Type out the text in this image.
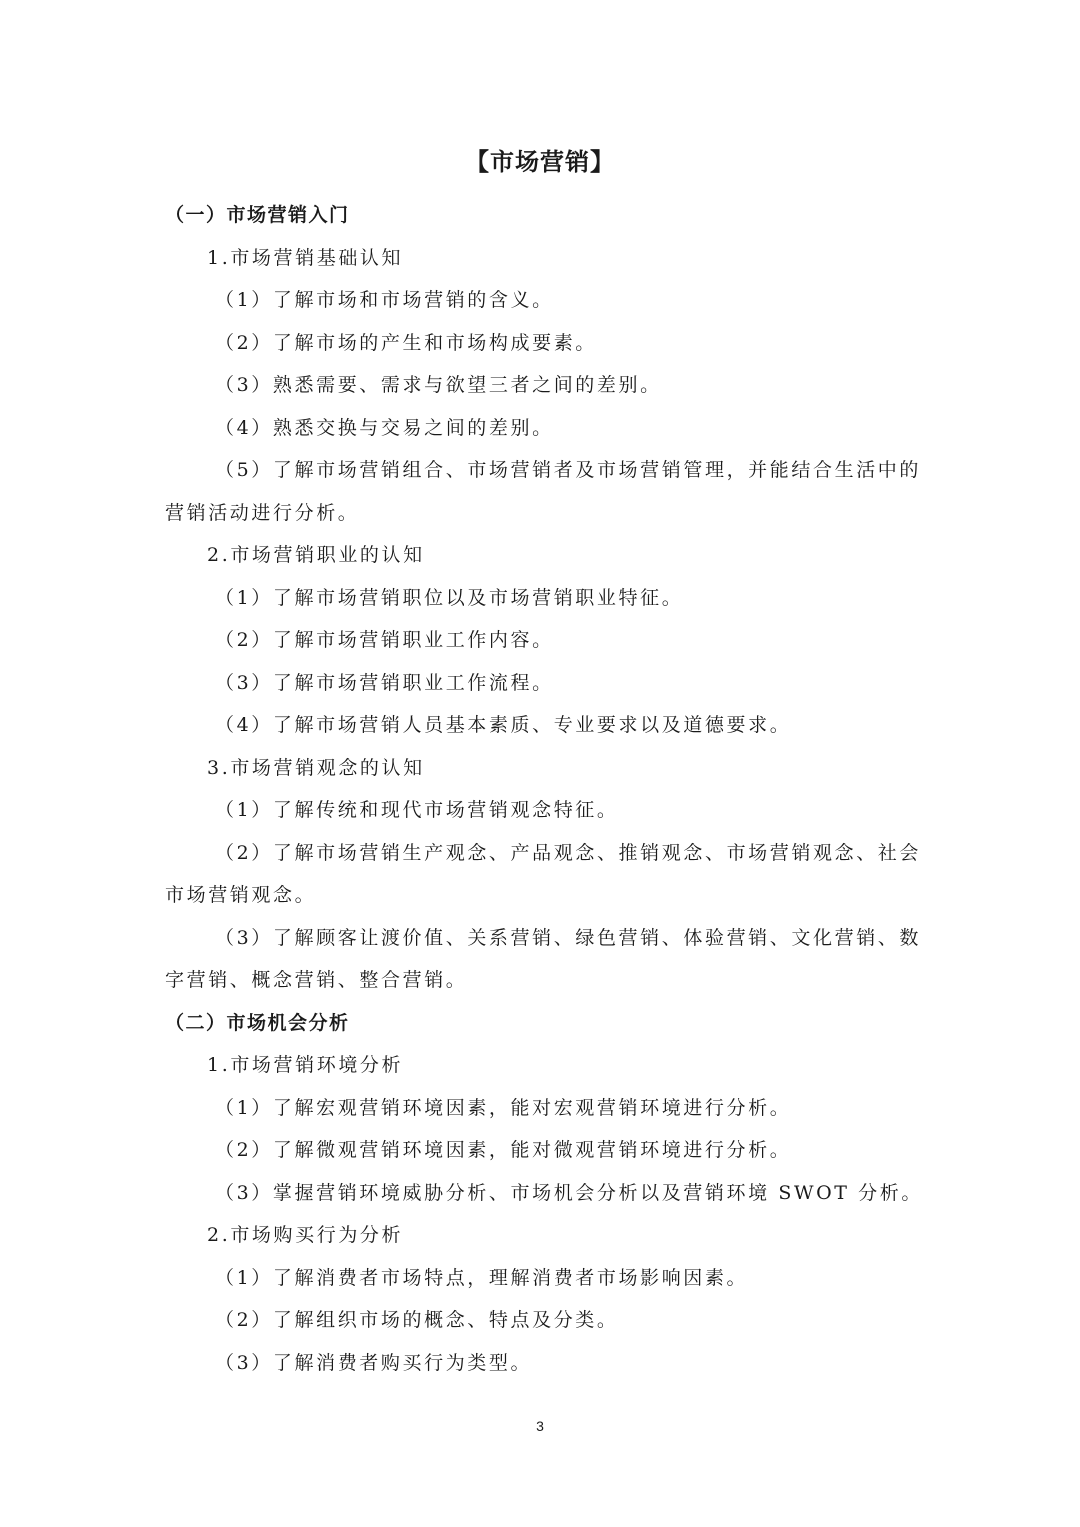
【市场营销】
（一）市场营销入门
1.市场营销基础认知
（1）了解市场和市场营销的含义。
（2）了解市场的产生和市场构成要素。
（3）熟悉需要、需求与欲望三者之间的差别。
（4）熟悉交换与交易之间的差别。
（5）了解市场营销组合、市场营销者及市场营销管理，并能结合生活中的营销活动进行分析。
2.市场营销职业的认知
（1）了解市场营销职位以及市场营销职业特征。
（2）了解市场营销职业工作内容。
（3）了解市场营销职业工作流程。
（4）了解市场营销人员基本素质、专业要求以及道德要求。
3.市场营销观念的认知
（1）了解传统和现代市场营销观念特征。
（2）了解市场营销生产观念、产品观念、推销观念、市场营销观念、社会市场营销观念。
（3）了解顾客让渡价值、关系营销、绿色营销、体验营销、文化营销、数字营销、概念营销、整合营销。
（二）市场机会分析
1.市场营销环境分析
（1）了解宏观营销环境因素，能对宏观营销环境进行分析。
（2）了解微观营销环境因素，能对微观营销环境进行分析。
（3）掌握营销环境威胁分析、市场机会分析以及营销环境 SWOT 分析。
2.市场购买行为分析
（1）了解消费者市场特点，理解消费者市场影响因素。
（2）了解组织市场的概念、特点及分类。
（3）了解消费者购买行为类型。
3
